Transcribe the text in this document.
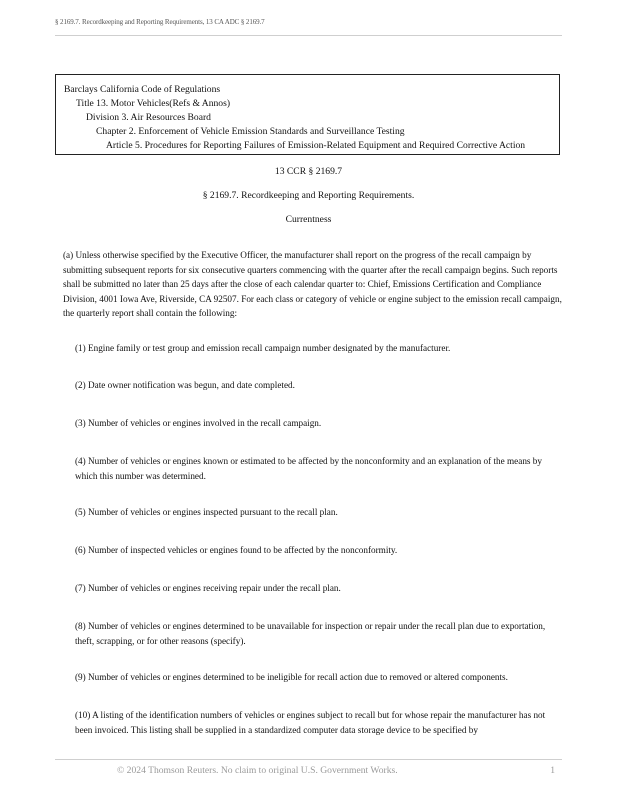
§ 2169.7. Recordkeeping and Reporting Requirements, 13 CA ADC § 2169.7
Barclays California Code of Regulations
Title 13. Motor Vehicles(Refs & Annos)
Division 3. Air Resources Board
Chapter 2. Enforcement of Vehicle Emission Standards and Surveillance Testing
Article 5. Procedures for Reporting Failures of Emission-Related Equipment and Required Corrective Action
13 CCR § 2169.7
§ 2169.7. Recordkeeping and Reporting Requirements.
Currentness
(a) Unless otherwise specified by the Executive Officer, the manufacturer shall report on the progress of the recall campaign by submitting subsequent reports for six consecutive quarters commencing with the quarter after the recall campaign begins. Such reports shall be submitted no later than 25 days after the close of each calendar quarter to: Chief, Emissions Certification and Compliance Division, 4001 Iowa Ave, Riverside, CA 92507. For each class or category of vehicle or engine subject to the emission recall campaign, the quarterly report shall contain the following:
(1) Engine family or test group and emission recall campaign number designated by the manufacturer.
(2) Date owner notification was begun, and date completed.
(3) Number of vehicles or engines involved in the recall campaign.
(4) Number of vehicles or engines known or estimated to be affected by the nonconformity and an explanation of the means by which this number was determined.
(5) Number of vehicles or engines inspected pursuant to the recall plan.
(6) Number of inspected vehicles or engines found to be affected by the nonconformity.
(7) Number of vehicles or engines receiving repair under the recall plan.
(8) Number of vehicles or engines determined to be unavailable for inspection or repair under the recall plan due to exportation, theft, scrapping, or for other reasons (specify).
(9) Number of vehicles or engines determined to be ineligible for recall action due to removed or altered components.
(10) A listing of the identification numbers of vehicles or engines subject to recall but for whose repair the manufacturer has not been invoiced. This listing shall be supplied in a standardized computer data storage device to be specified by
© 2024 Thomson Reuters. No claim to original U.S. Government Works.	1
